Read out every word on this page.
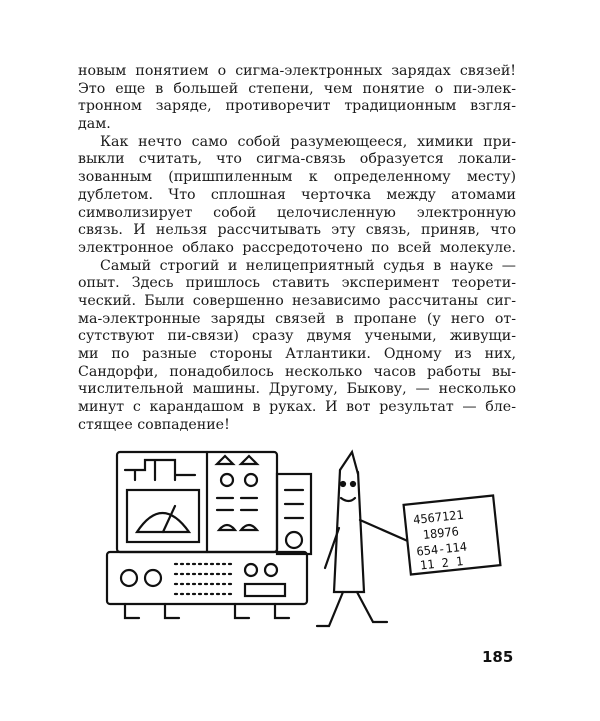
новым понятием о сигма-электронных зарядах связей!
Это еще в большей степени, чем понятие о пи-элек-
тронном заряде, противоречит традиционным взгля-
дам.
Как нечто само собой разумеющееся, химики при-
выкли считать, что сигма-связь образуется локали-
зованным (пришпиленным к определенному месту)
дублетом. Что сплошная черточка между атомами
символизирует собой целочисленную электронную
связь. И нельзя рассчитывать эту связь, приняв, что
электронное облако рассредоточено по всей молекуле.
Самый строгий и нелицеприятный судья в науке —
опыт. Здесь пришлось ставить эксперимент теорети-
ческий. Были совершенно независимо рассчитаны сиг-
ма-электронные заряды связей в пропане (у него от-
сутствуют пи-связи) сразу двумя учеными, живущи-
ми по разные стороны Атлантики. Одному из них,
Сандорфи, понадобилось несколько часов работы вы-
числительной машины. Другому, Быкову, — несколько
минут с карандашом в руках. И вот результат — бле-
стящее совпадение!
4567121
18976
654-114
11 2 1
185
